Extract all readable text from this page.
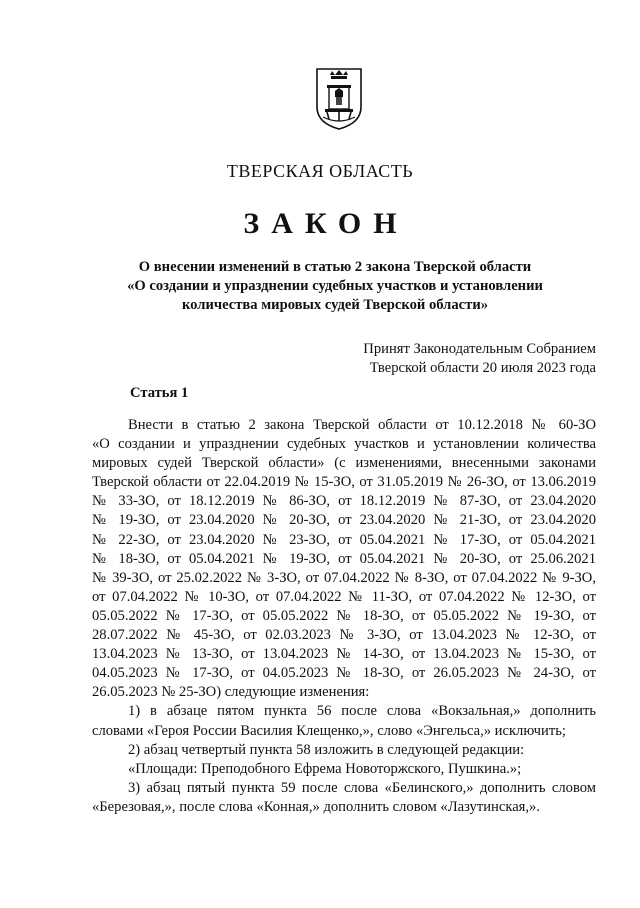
ТВЕРСКАЯ ОБЛАСТЬ
ЗАКОН
О внесении изменений в статью 2 закона Тверской области
«О создании и упразднении судебных участков и установлении
количества мировых судей Тверской области»
Принят Законодательным Собранием
Тверской области 20 июля 2023 года
Статья 1
Внести в статью 2 закона Тверской области от 10.12.2018 № 60-ЗО
«О создании и упразднении судебных участков и установлении количества
мировых судей Тверской области» (с изменениями, внесенными законами
Тверской области от 22.04.2019 № 15-ЗО, от 31.05.2019 № 26-ЗО, от 13.06.2019
№ 33-ЗО, от 18.12.2019 № 86-ЗО, от 18.12.2019 № 87-ЗО, от 23.04.2020
№ 19-ЗО, от 23.04.2020 № 20-ЗО, от 23.04.2020 № 21-ЗО, от 23.04.2020
№ 22-ЗО, от 23.04.2020 № 23-ЗО, от 05.04.2021 № 17-ЗО, от 05.04.2021
№ 18-ЗО, от 05.04.2021 № 19-ЗО, от 05.04.2021 № 20-ЗО, от 25.06.2021
№ 39-ЗО, от 25.02.2022 № 3-ЗО, от 07.04.2022 № 8-ЗО, от 07.04.2022 № 9-ЗО,
от 07.04.2022 № 10-ЗО, от 07.04.2022 № 11-ЗО, от 07.04.2022 № 12-ЗО, от
05.05.2022 № 17-ЗО, от 05.05.2022 № 18-ЗО, от 05.05.2022 № 19-ЗО, от
28.07.2022 № 45-ЗО, от 02.03.2023 № 3-ЗО, от 13.04.2023 № 12-ЗО, от
13.04.2023 № 13-ЗО, от 13.04.2023 № 14-ЗО, от 13.04.2023 № 15-ЗО, от
04.05.2023 № 17-ЗО, от 04.05.2023 № 18-ЗО, от 26.05.2023 № 24-ЗО, от
26.05.2023 № 25-ЗО) следующие изменения:
1) в абзаце пятом пункта 56 после слова «Вокзальная,» дополнить
словами «Героя России Василия Клещенко,», слово «Энгельса,» исключить;
2) абзац четвертый пункта 58 изложить в следующей редакции:
«Площади: Преподобного Ефрема Новоторжского, Пушкина.»;
3) абзац пятый пункта 59 после слова «Белинского,» дополнить словом
«Березовая,», после слова «Конная,» дополнить словом «Лазутинская,».
